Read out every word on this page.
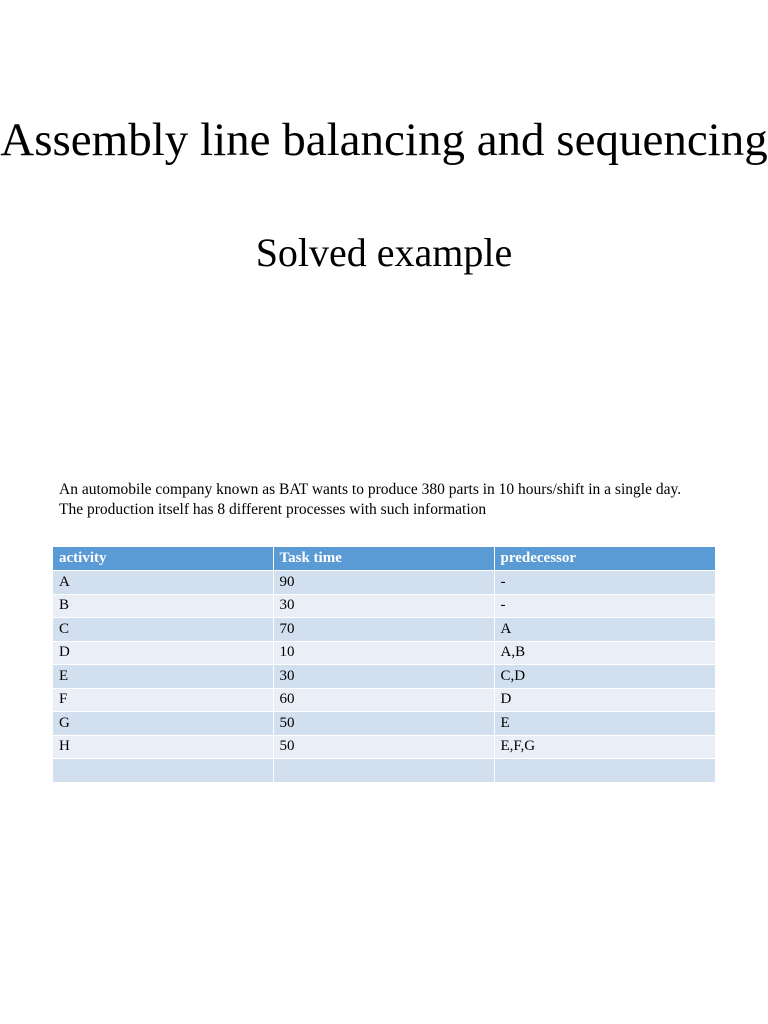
Assembly line balancing and sequencing
Solved example

An automobile company known as BAT wants to produce 380 parts in 10 hours/shift in a single day. The production itself has 8 different processes with such information

activity	Task time	predecessor
A	90	-
B	30	-
C	70	A
D	10	A,B
E	30	C,D
F	60	D
G	50	E
H	50	E,F,G
